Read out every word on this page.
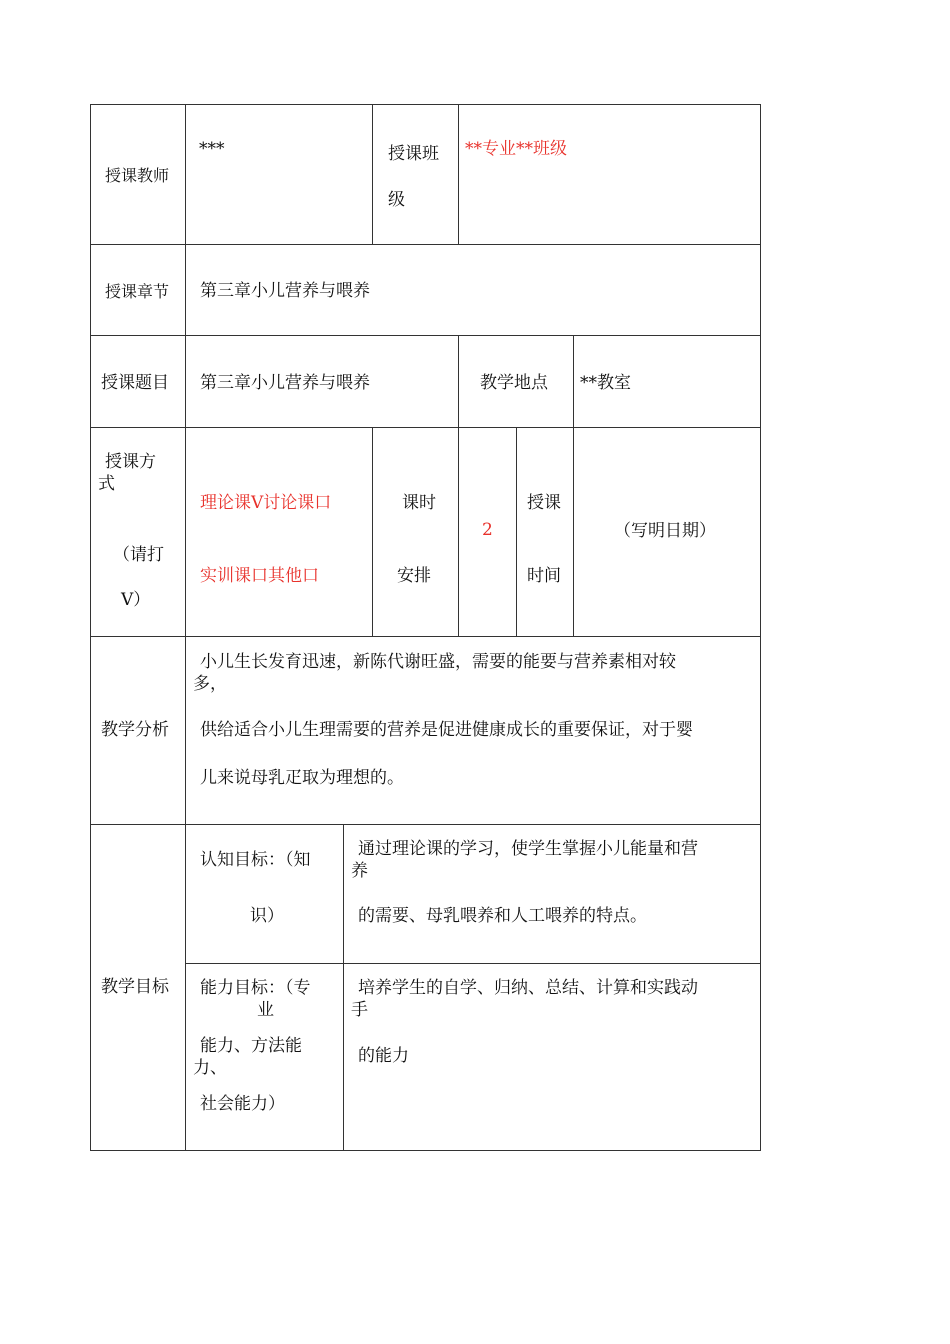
授课教师
***	授课班
级
**专业**班级
授课章节 第三章小儿营养与喂养
授课题目 第三章小儿营养与喂养	教学地点 **教室
授课方
式
（请打
V）
理论课V讨论课口
实训课口其他口
课时
安排
2
授课
时间
（写明日期）
教学分析
小儿生长发育迅速，新陈代谢旺盛，需要的能要与营养素相对较
多，
供给适合小儿生理需要的营养是促进健康成长的重要保证，对于婴
儿来说母乳疋取为理想的。
教学目标
认知目标：（知
识）
通过理论课的学习，使学生掌握小儿能量和营
养
的需要、母乳喂养和人工喂养的特点。
能力目标：（专
业
能力、方法能
力、
社会能力）
培养学生的自学、归纳、总结、计算和实践动
手
的能力
